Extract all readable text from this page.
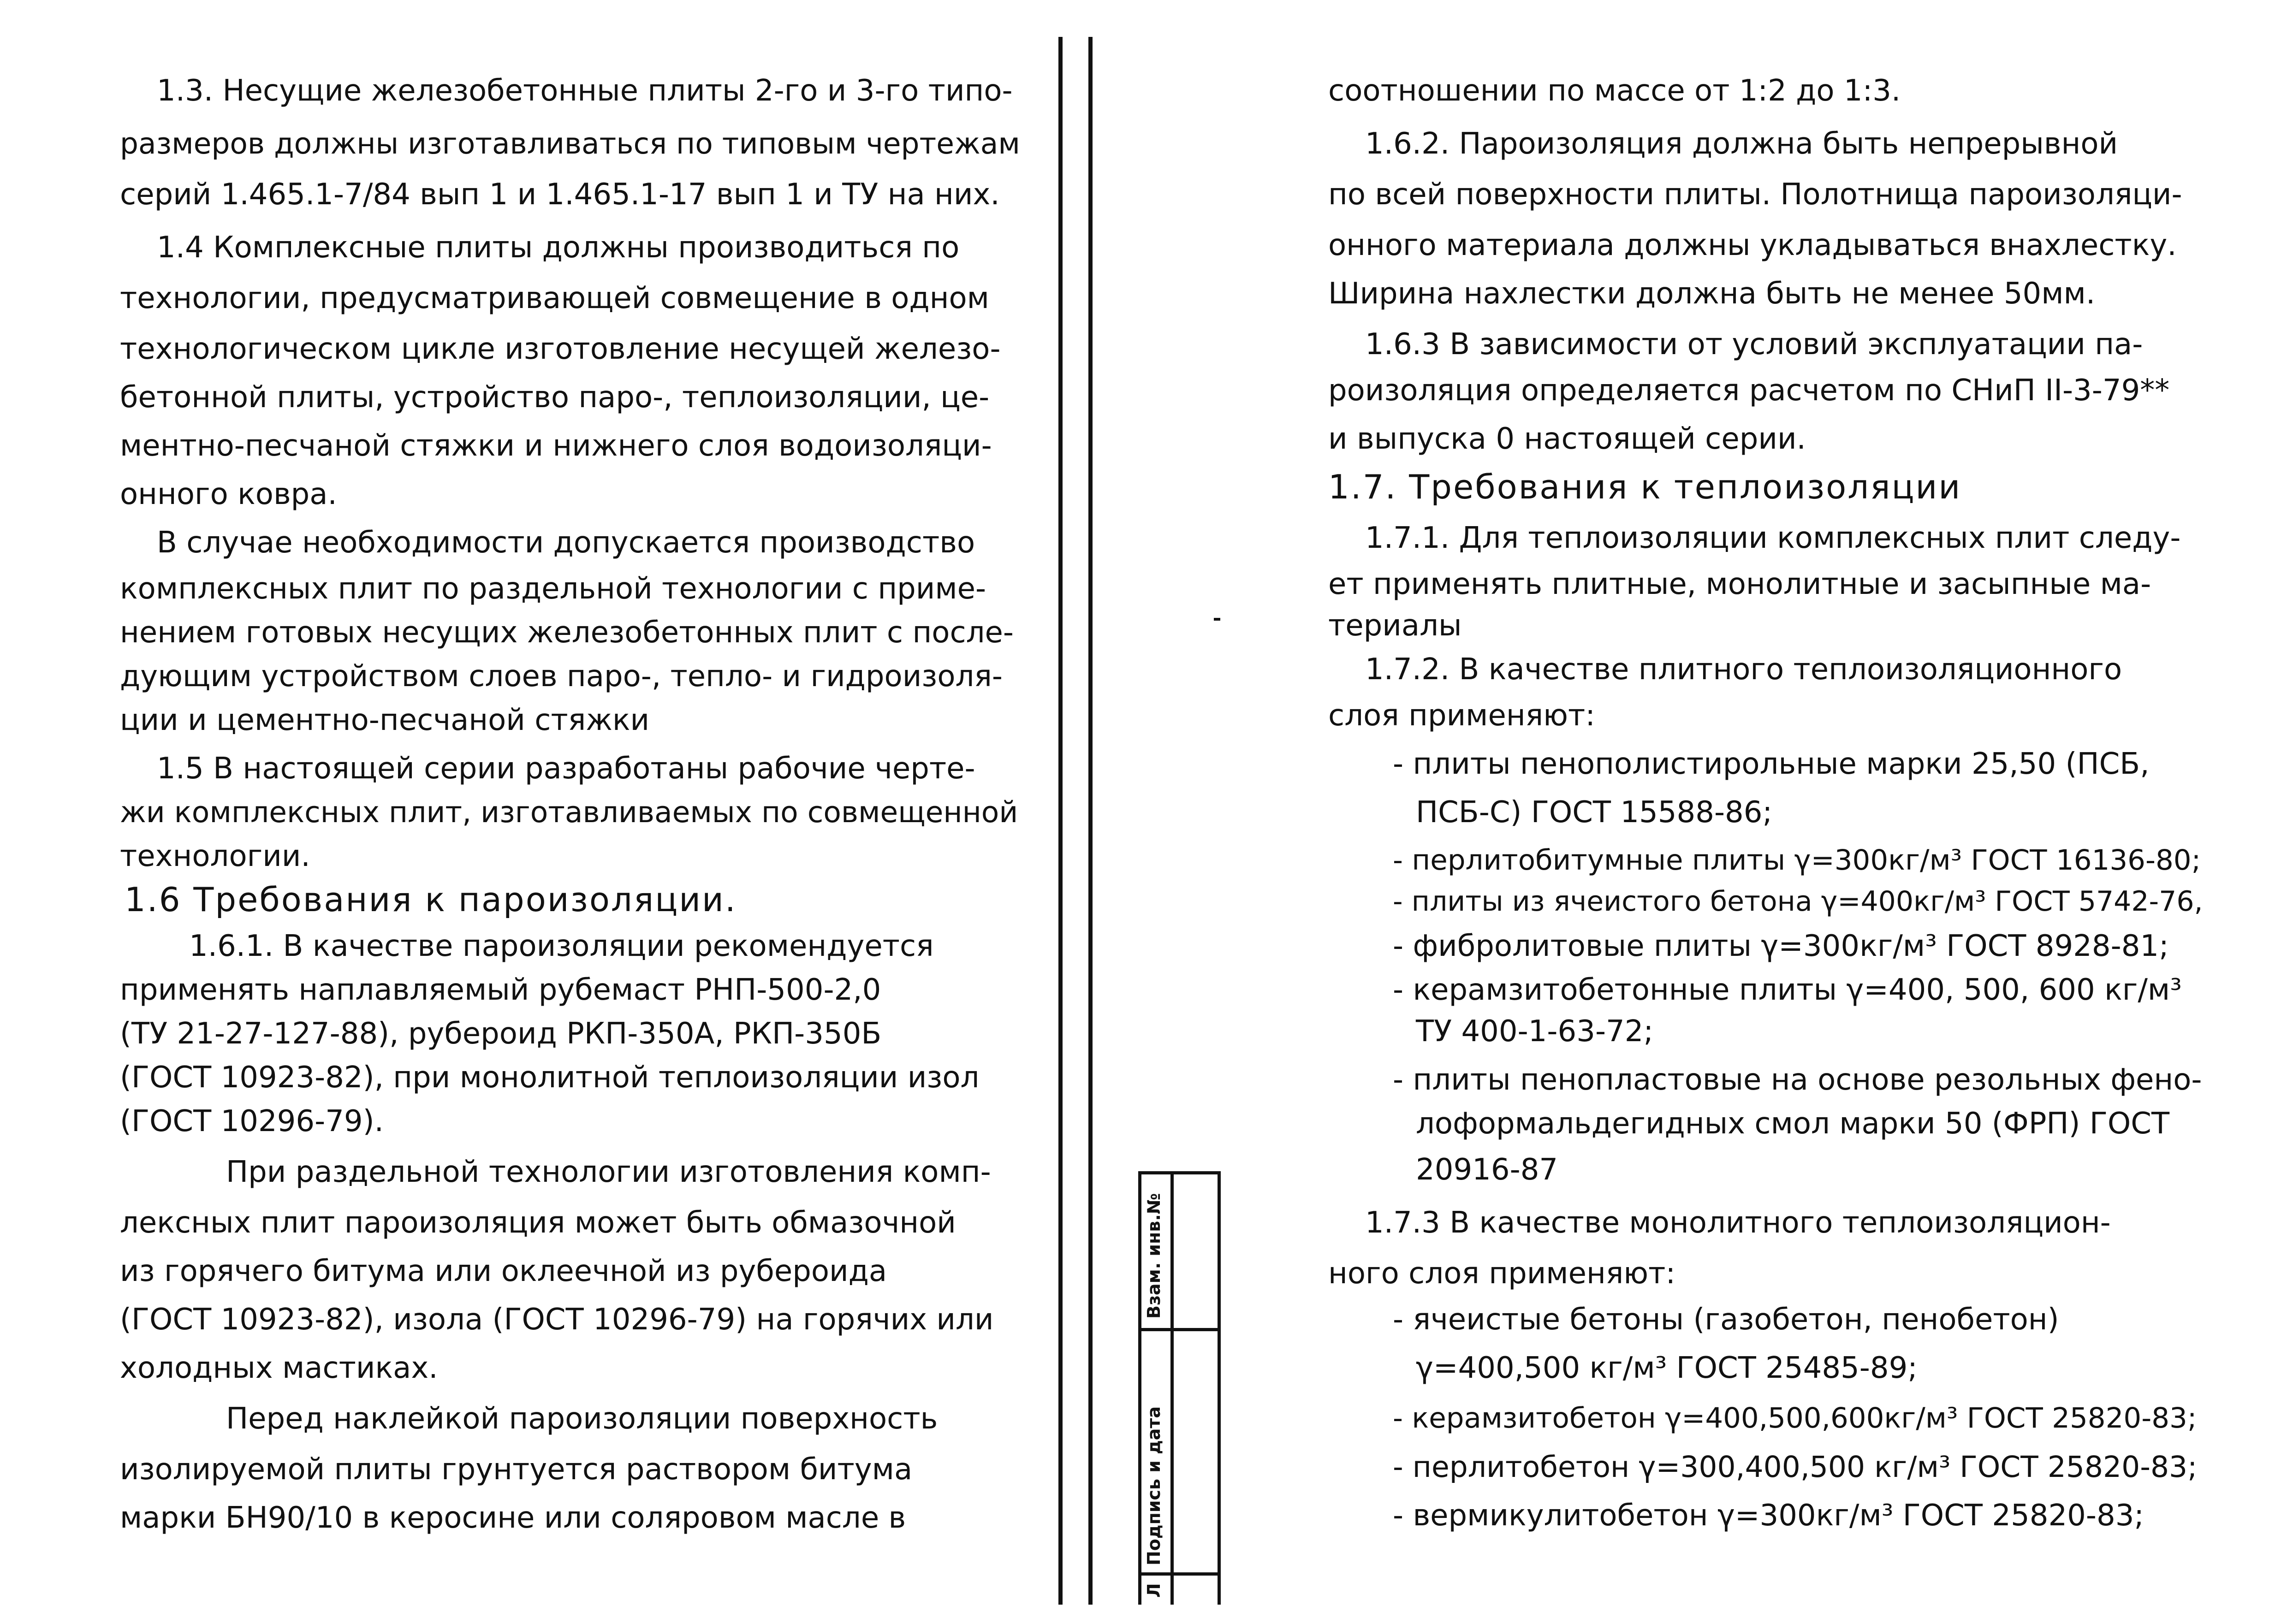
1.3. Несущие железобетонные плиты 2-го и 3-го типо-
размеров должны изготавливаться по типовым чертежам
серий 1.465.1-7/84 вып 1 и 1.465.1-17 вып 1 и ТУ на них.
1.4 Комплексные плиты должны производиться по
технологии, предусматривающей совмещение в одном
технологическом цикле изготовление несущей железо-
бетонной плиты, устройство паро-, теплоизоляции, це-
ментно-песчаной стяжки и нижнего слоя водоизоляци-
онного ковра.
В случае необходимости допускается производство
комплексных плит по раздельной технологии с приме-
нением готовых несущих железобетонных плит с после-
дующим устройством слоев паро-, тепло- и гидроизоля-
ции и цементно-песчаной стяжки
1.5 В настоящей серии разработаны рабочие черте-
жи комплексных плит, изготавливаемых по совмещенной
технологии.
1.6 Требования к пароизоляции.
1.6.1. В качестве пароизоляции рекомендуется
применять наплавляемый рубемаст РНП-500-2,0
(ТУ 21-27-127-88), рубероид РКП-350А, РКП-350Б
(ГОСТ 10923-82), при монолитной теплоизоляции изол
(ГОСТ 10296-79).
При раздельной технологии изготовления комп-
лексных плит пароизоляция может быть обмазочной
из горячего битума или оклеечной из рубероида
(ГОСТ 10923-82), изола (ГОСТ 10296-79) на горячих или
холодных мастиках.
Перед наклейкой пароизоляции поверхность
изолируемой плиты грунтуется раствором битума
марки БН90/10 в керосине или соляровом масле в
Взам. инв.№
Подпись и дата
Л
соотношении по массе от 1:2 до 1:3.
1.6.2. Пароизоляция должна быть непрерывной
по всей поверхности плиты. Полотнища пароизоляци-
онного материала должны укладываться внахлестку.
Ширина нахлестки должна быть не менее 50мм.
1.6.3 В зависимости от условий эксплуатации па-
роизоляция определяется расчетом по СНиП II-3-79**
и выпуска 0 настоящей серии.
1.7. Требования к теплоизоляции
1.7.1. Для теплоизоляции комплексных плит следу-
ет применять плитные, монолитные и засыпные ма-
териалы
1.7.2. В качестве плитного теплоизоляционного
слоя применяют:
- плиты пенополистирольные марки 25,50 (ПСБ,
ПСБ-С) ГОСТ 15588-86;
- перлитобитумные плиты γ=300кг/м³ ГОСТ 16136-80;
- плиты из ячеистого бетона γ=400кг/м³ ГОСТ 5742-76,
- фибролитовые плиты γ=300кг/м³ ГОСТ 8928-81;
- керамзитобетонные плиты γ=400, 500, 600 кг/м³
ТУ 400-1-63-72;
- плиты пенопластовые на основе резольных фено-
лоформальдегидных смол марки 50 (ФРП) ГОСТ
20916-87
1.7.3 В качестве монолитного теплоизоляцион-
ного слоя применяют:
- ячеистые бетоны (газобетон, пенобетон)
γ=400,500 кг/м³ ГОСТ 25485-89;
- керамзитобетон γ=400,500,600кг/м³ ГОСТ 25820-83;
- перлитобетон γ=300,400,500 кг/м³ ГОСТ 25820-83;
- вермикулитобетон γ=300кг/м³ ГОСТ 25820-83;
